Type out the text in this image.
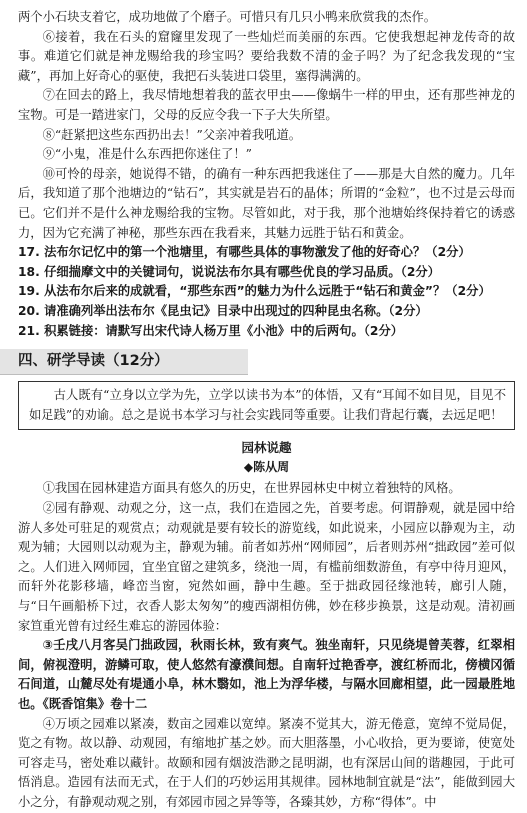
两个小石块支着它，成功地做了个磨子。可惜只有几只小鸭来欣赏我的杰作。

⑥接着，我在石头的窟窿里发现了一些灿烂而美丽的东西。它使我想起神龙传奇的故事。难道它们就是神龙赐给我的珍宝吗？要给我数不清的金子吗？为了纪念我发现的“宝藏”，再加上好奇心的驱使，我把石头装进口袋里，塞得满满的。

⑦在回去的路上，我尽情地想着我的蓝衣甲虫——像蜗牛一样的甲虫，还有那些神龙的宝物。可是一踏进家门，父母的反应令我一下子大失所望。

⑧“赶紧把这些东西扔出去！”父亲冲着我吼道。

⑨“小鬼，准是什么东西把你迷住了！”

⑩可怜的母亲，她说得不错，的确有一种东西把我迷住了——那是大自然的魔力。几年后，我知道了那个池塘边的“钻石”，其实就是岩石的晶体；所谓的“金粒”，也不过是云母而已。它们并不是什么神龙赐给我的宝物。尽管如此，对于我，那个池塘始终保持着它的诱惑力，因为它充满了神秘，那些东西在我看来，其魅力远胜于钻石和黄金。

17. 法布尔记忆中的第一个池塘里，有哪些具体的事物激发了他的好奇心？（2分）

18. 仔细揣摩文中的关键词句，说说法布尔具有哪些优良的学习品质。（2分）

19. 从法布尔后来的成就看，“那些东西”的魅力为什么远胜于“钻石和黄金”？（2分）

20. 请准确列举出法布尔《昆虫记》目录中出现过的四种昆虫名称。（2分）

21. 积累链接：请默写出宋代诗人杨万里《小池》中的后两句。（2分）

四、研学导读（12分）

古人既有“立身以立学为先，立学以读书为本”的体悟，又有“耳闻不如目见，目见不如足践”的劝谕。总之是说书本学习与社会实践同等重要。让我们背起行囊，去远足吧！

园林说趣
◆陈从周

①我国在园林建造方面具有悠久的历史，在世界园林史中树立着独特的风格。

②园有静观、动观之分，这一点，我们在造园之先，首要考虑。何谓静观，就是园中给游人多处可驻足的观赏点；动观就是要有较长的游览线，如此说来，小园应以静观为主，动观为辅；大园则以动观为主，静观为辅。前者如苏州“网师园”，后者则苏州“拙政园”差可似之。人们进入网师园，宜坐宜留之建筑多，绕池一周，有槛前细数游鱼，有亭中待月迎风，而轩外花影移墙，峰峦当窗，宛然如画，静中生趣。至于拙政园径缘池转，廊引人随，与“日午画船桥下过，衣香人影太匆匆”的瘦西湖相仿佛，妙在移步换景，这是动观。清初画家笪重光曾有过经生难忘的游园体验：

③壬戌八月客吴门拙政园，秋雨长林，致有爽气。独坐南轩，只见绕堤曾芙蓉，红翠相间，俯视澄明，游鳞可取，使人悠然有濠濮间想。自南轩过艳香亭，渡红桥而北，傍横冈循石间道，山麓尽处有堤通小阜，林木翳如，池上为浮华楼，与隔水回廊相望，此一园最胜地也。《既香馆集》卷十二

④万顷之园难以紧凑，数亩之园难以宽绰。紧凑不觉其大，游无倦意，宽绰不觉局促，览之有物。故以静、动观园，有缩地扩基之妙。而大胆落墨，小心收拾，更为要谛，使宽处可容走马，密处难以藏针。故颐和园有烟波浩渺之昆明湖，也有深居山间的谐趣园，于此可悟消息。造园有法而无式，在于人们的巧妙运用其规律。园林地制宜就是“法”，能做到园大小之分，有静观动观之别，有郊园市园之异等等，各臻其妙，方称“得体”。中
